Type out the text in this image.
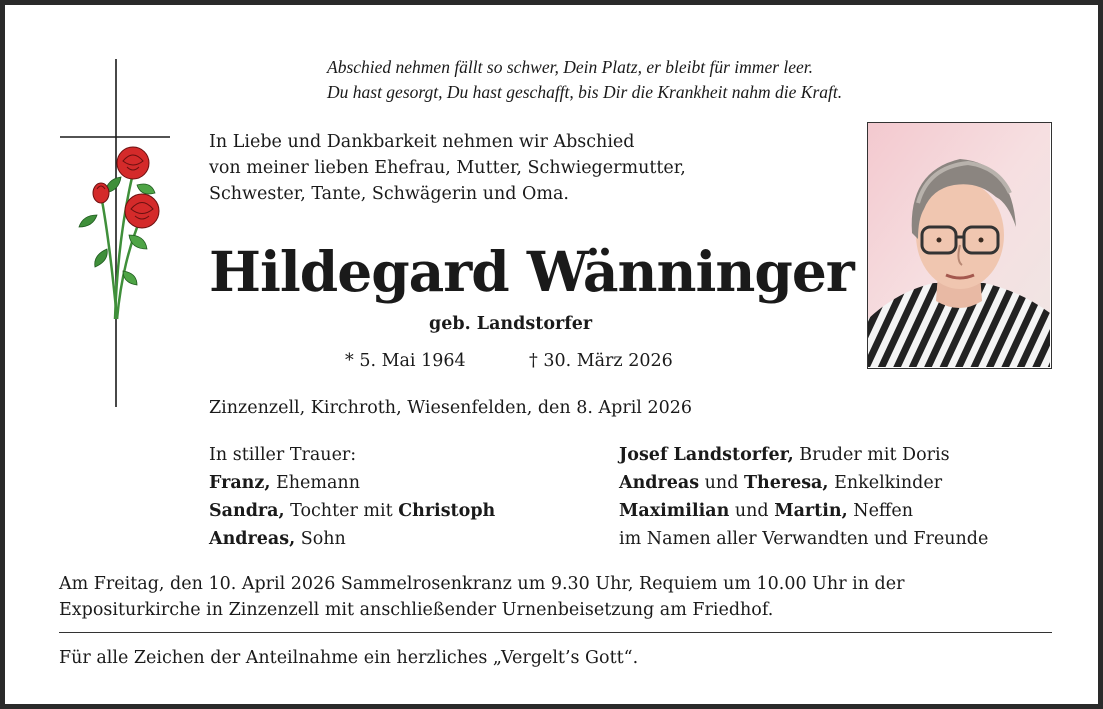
Abschied nehmen fällt so schwer, Dein Platz, er bleibt für immer leer.
Du hast gesorgt, Du hast geschafft, bis Dir die Krankheit nahm die Kraft.
In Liebe und Dankbarkeit nehmen wir Abschied
von meiner lieben Ehefrau, Mutter, Schwiegermutter,
Schwester, Tante, Schwägerin und Oma.
Hildegard Wänninger
geb. Landstorfer
* 5. Mai 1964	† 30. März 2026
Zinzenzell, Kirchroth, Wiesenfelden, den 8. April 2026
In stiller Trauer:
Franz, Ehemann
Sandra, Tochter mit Christoph
Andreas, Sohn
Josef Landstorfer, Bruder mit Doris
Andreas und Theresa, Enkelkinder
Maximilian und Martin, Neffen
im Namen aller Verwandten und Freunde
Am Freitag, den 10. April 2026 Sammelrosenkranz um 9.30 Uhr, Requiem um 10.00 Uhr in der
Expositurkirche in Zinzenzell mit anschließender Urnenbeisetzung am Friedhof.
Für alle Zeichen der Anteilnahme ein herzliches „Vergelt’s Gott“.
